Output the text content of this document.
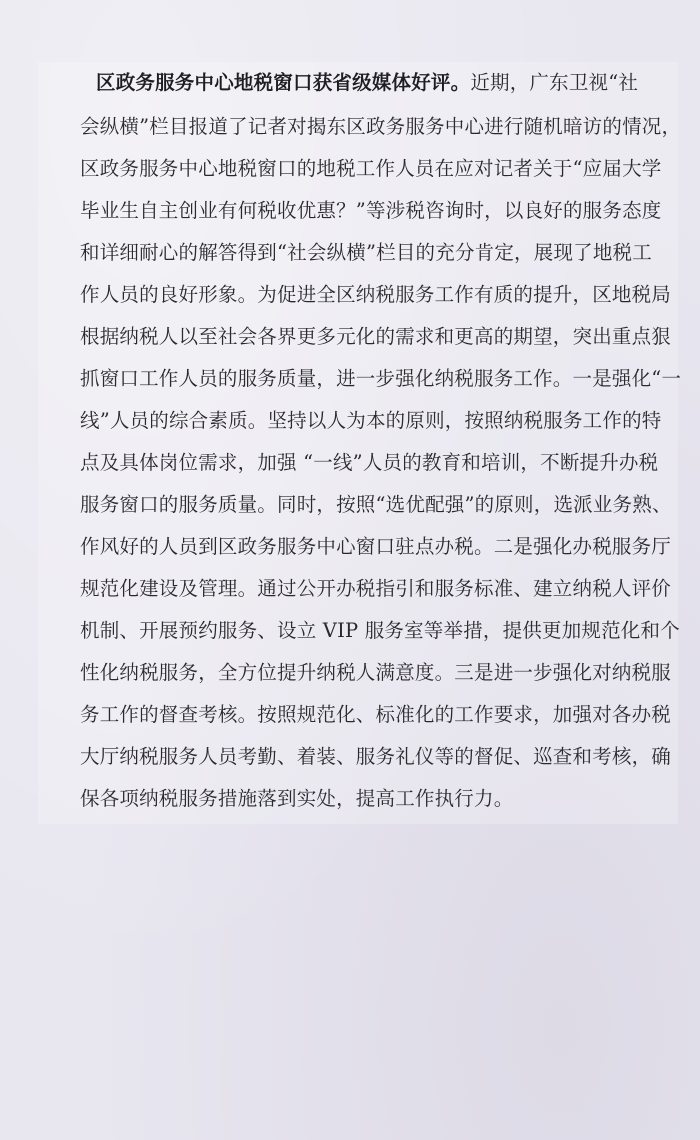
区政务服务中心地税窗口获省级媒体好评。近期，广东卫视“社
会纵横”栏目报道了记者对揭东区政务服务中心进行随机暗访的情况，
区政务服务中心地税窗口的地税工作人员在应对记者关于“应届大学
毕业生自主创业有何税收优惠？”等涉税咨询时，以良好的服务态度
和详细耐心的解答得到“社会纵横”栏目的充分肯定，展现了地税工
作人员的良好形象。为促进全区纳税服务工作有质的提升，区地税局
根据纳税人以至社会各界更多元化的需求和更高的期望，突出重点狠
抓窗口工作人员的服务质量，进一步强化纳税服务工作。一是强化“一
线”人员的综合素质。坚持以人为本的原则，按照纳税服务工作的特
点及具体岗位需求，加强 “一线”人员的教育和培训，不断提升办税
服务窗口的服务质量。同时，按照“选优配强”的原则，选派业务熟、
作风好的人员到区政务服务中心窗口驻点办税。二是强化办税服务厅
规范化建设及管理。通过公开办税指引和服务标准、建立纳税人评价
机制、开展预约服务、设立 VIP 服务室等举措，提供更加规范化和个
性化纳税服务，全方位提升纳税人满意度。三是进一步强化对纳税服
务工作的督查考核。按照规范化、标准化的工作要求，加强对各办税
大厅纳税服务人员考勤、着装、服务礼仪等的督促、巡查和考核，确
保各项纳税服务措施落到实处，提高工作执行力。
